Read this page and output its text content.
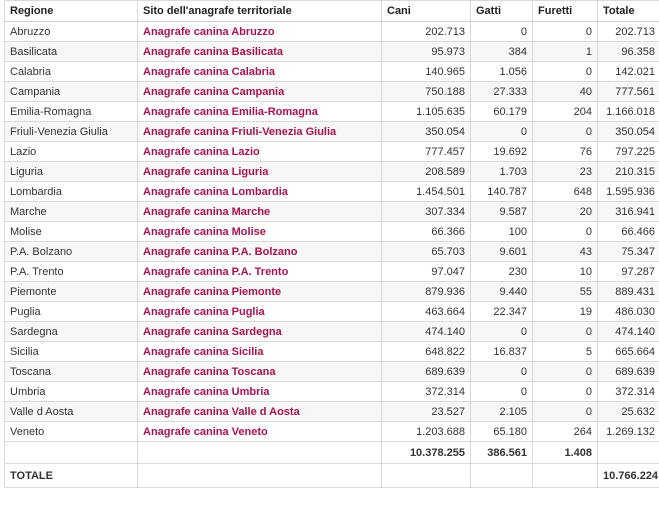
Regione	Sito dell'anagrafe territoriale	Cani	Gatti	Furetti	Totale
Abruzzo	Anagrafe canina Abruzzo	202.713	0	0	202.713
Basilicata	Anagrafe canina Basilicata	95.973	384	1	96.358
Calabria	Anagrafe canina Calabria	140.965	1.056	0	142.021
Campania	Anagrafe canina Campania	750.188	27.333	40	777.561
Emilia-Romagna	Anagrafe canina Emilia-Romagna	1.105.635	60.179	204	1.166.018
Friuli-Venezia Giulia	Anagrafe canina Friuli-Venezia Giulia	350.054	0	0	350.054
Lazio	Anagrafe canina Lazio	777.457	19.692	76	797.225
Liguria	Anagrafe canina Liguria	208.589	1.703	23	210.315
Lombardia	Anagrafe canina Lombardia	1.454.501	140.787	648	1.595.936
Marche	Anagrafe canina Marche	307.334	9.587	20	316.941
Molise	Anagrafe canina Molise	66.366	100	0	66.466
P.A. Bolzano	Anagrafe canina P.A. Bolzano	65.703	9.601	43	75.347
P.A. Trento	Anagrafe canina P.A. Trento	97.047	230	10	97.287
Piemonte	Anagrafe canina Piemonte	879.936	9.440	55	889.431
Puglia	Anagrafe canina Puglia	463.664	22.347	19	486.030
Sardegna	Anagrafe canina Sardegna	474.140	0	0	474.140
Sicilia	Anagrafe canina Sicilia	648.822	16.837	5	665.664
Toscana	Anagrafe canina Toscana	689.639	0	0	689.639
Umbria	Anagrafe canina Umbria	372.314	0	0	372.314
Valle d Aosta	Anagrafe canina Valle d Aosta	23.527	2.105	0	25.632
Veneto	Anagrafe canina Veneto	1.203.688	65.180	264	1.269.132
		10.378.255	386.561	1.408	
TOTALE					10.766.224
